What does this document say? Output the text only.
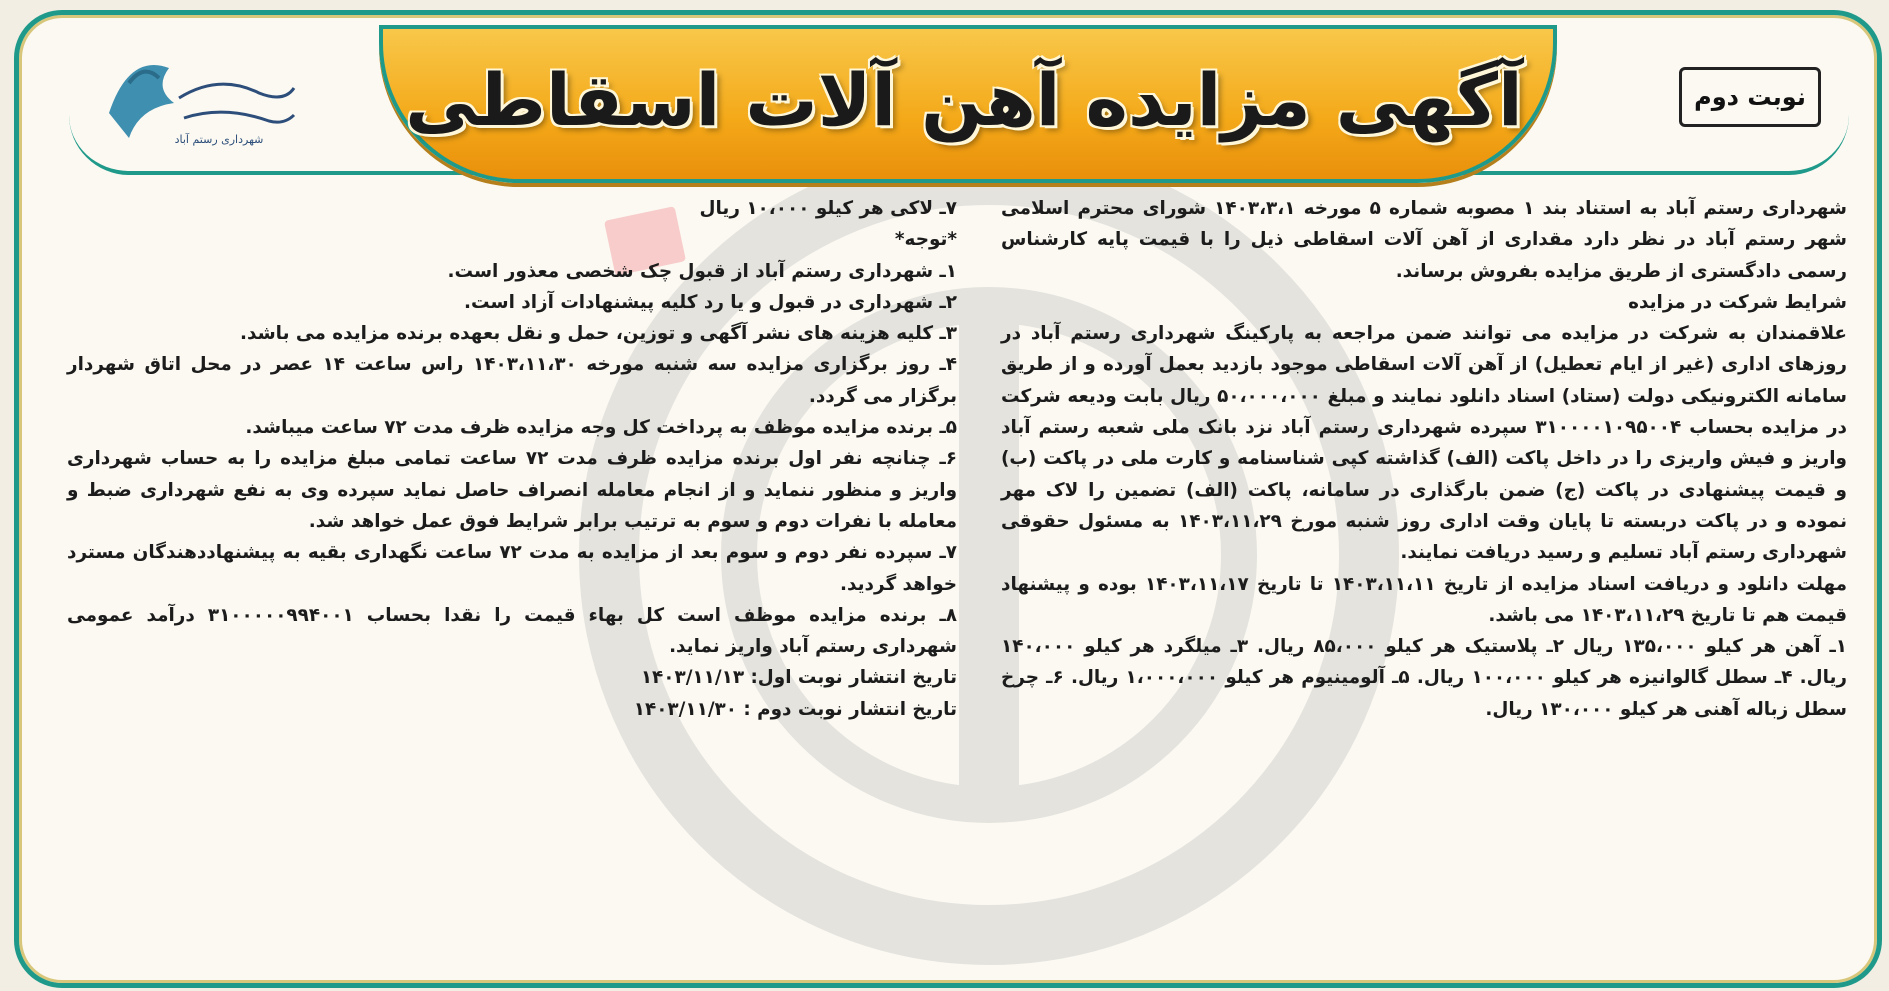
آگهی مزایده آهن آلات اسقاطی	نوبت دوم
شهرداری رستم آباد

شهرداری رستم آباد به استناد بند ۱ مصوبه شماره ۵ مورخه ۱۴۰۳،۳،۱ شورای محترم اسلامی شهر رستم آباد در نظر دارد مقداری از آهن آلات اسقاطی ذیل را با قیمت پایه کارشناس رسمی دادگستری از طریق مزایده بفروش برساند.

شرایط شرکت در مزایده

علاقمندان به شرکت در مزایده می توانند ضمن مراجعه به پارکینگ شهرداری رستم آباد در روزهای اداری (غیر از ایام تعطیل) از آهن آلات اسقاطی موجود بازدید بعمل آورده و از طریق سامانه الکترونیکی دولت (ستاد) اسناد دانلود نمایند و مبلغ ۵۰،۰۰۰،۰۰۰ ریال بابت ودیعه شرکت در مزایده بحساب ۳۱۰۰۰۰۱۰۹۵۰۰۴ سپرده شهرداری رستم آباد نزد بانک ملی شعبه رستم آباد واریز و فیش واریزی را در داخل پاکت (الف) گذاشته کپی شناسنامه و کارت ملی در پاکت (ب) و قیمت پیشنهادی در پاکت (ج) ضمن بارگذاری در سامانه، پاکت (الف) تضمین را لاک مهر نموده و در پاکت دربسته تا پایان وقت اداری روز شنبه مورخ ۱۴۰۳،۱۱،۲۹ به مسئول حقوقی شهرداری رستم آباد تسلیم و رسید دریافت نمایند.

مهلت دانلود و دریافت اسناد مزایده از تاریخ ۱۴۰۳،۱۱،۱۱ تا تاریخ ۱۴۰۳،۱۱،۱۷ بوده و پیشنهاد قیمت هم تا تاریخ ۱۴۰۳،۱۱،۲۹ می باشد.

۱ـ آهن هر کیلو ۱۳۵،۰۰۰ ریال ۲ـ پلاستیک هر کیلو ۸۵،۰۰۰ ریال. ۳ـ میلگرد هر کیلو ۱۴۰،۰۰۰ ریال. ۴ـ سطل گالوانیزه هر کیلو ۱۰۰،۰۰۰ ریال. ۵ـ آلومینیوم هر کیلو ۱،۰۰۰،۰۰۰ ریال. ۶ـ چرخ سطل زباله آهنی هر کیلو ۱۳۰،۰۰۰ ریال.

۷ـ لاکی هر کیلو ۱۰،۰۰۰ ریال

*توجه*

۱ـ شهرداری رستم آباد از قبول چک شخصی معذور است.

۲ـ شهرداری در قبول و یا رد کلیه پیشنهادات آزاد است.

۳ـ کلیه هزینه های نشر آگهی و توزین، حمل و نقل بعهده برنده مزایده می باشد.

۴ـ روز برگزاری مزایده سه شنبه مورخه ۱۴۰۳،۱۱،۳۰ راس ساعت ۱۴ عصر در محل اتاق شهردار برگزار می گردد.

۵ـ برنده مزایده موظف به پرداخت کل وجه مزایده ظرف مدت ۷۲ ساعت میباشد.

۶ـ چنانچه نفر اول برنده مزایده ظرف مدت ۷۲ ساعت تمامی مبلغ مزایده را به حساب شهرداری واریز و منظور ننماید و از انجام معامله انصراف حاصل نماید سپرده وی به نفع شهرداری ضبط و معامله با نفرات دوم و سوم به ترتیب برابر شرایط فوق عمل خواهد شد.

۷ـ سپرده نفر دوم و سوم بعد از مزایده به مدت ۷۲ ساعت نگهداری بقیه به پیشنهاددهندگان مسترد خواهد گردید.

۸ـ برنده مزایده موظف است کل بهاء قیمت را نقدا بحساب ۳۱۰۰۰۰۰۹۹۴۰۰۱ درآمد عمومی شهرداری رستم آباد واریز نماید.

تاریخ انتشار نوبت اول: ۱۴۰۳/۱۱/۱۳

تاریخ انتشار نوبت دوم : ۱۴۰۳/۱۱/۳۰
